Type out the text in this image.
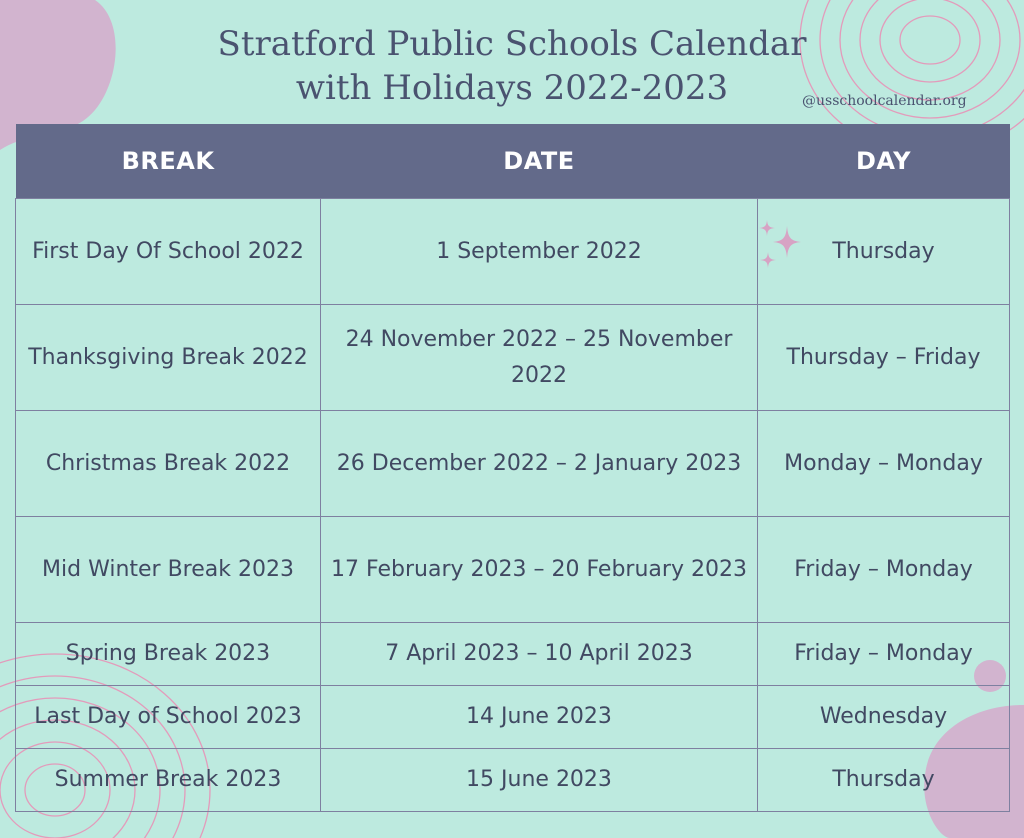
Stratford Public Schools Calendar
with Holidays 2022-2023	@usschoolcalendar.org
BREAK	DATE	DAY
First Day Of School 2022	1 September 2022	Thursday
Thanksgiving Break 2022	24 November 2022 – 25 November 2022	Thursday – Friday
Christmas Break 2022	26 December 2022 – 2 January 2023	Monday – Monday
Mid Winter Break 2023	17 February 2023 – 20 February 2023	Friday – Monday
Spring Break 2023	7 April 2023 – 10 April 2023	Friday – Monday
Last Day of School 2023	14 June 2023	Wednesday
Summer Break 2023	15 June 2023	Thursday
